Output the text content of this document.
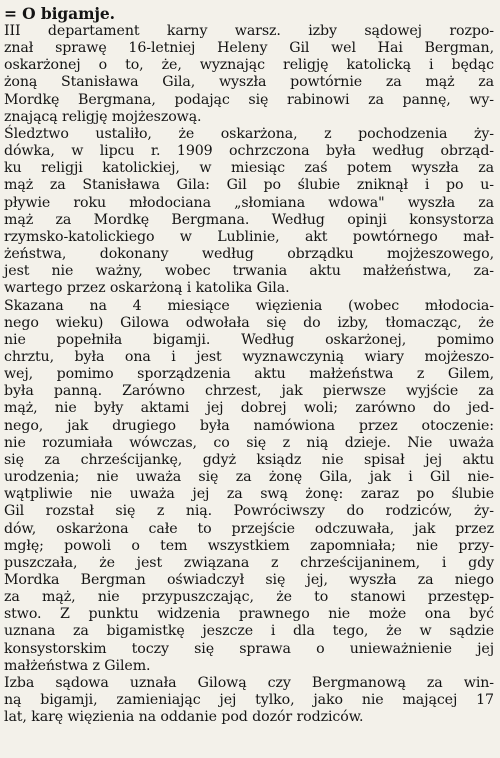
= O bigamje.
III departament karny warsz. izby sądowej rozpo-
znał sprawę 16-letniej Heleny Gil wel Hai Bergman,
oskarżonej o to, że, wyznając religję katolicką i będąc
żoną Stanisława Gila, wyszła powtórnie za mąż za
Mordkę Bergmana, podając się rabinowi za pannę, wy-
znającą religję mojżeszową.
Śledztwo ustaliło, że oskarżona, z pochodzenia ży-
dówka, w lipcu r. 1909 ochrzczona była według obrząd-
ku religji katolickiej, w miesiąc zaś potem wyszła za
mąż za Stanisława Gila: Gil po ślubie zniknął i po u-
pływie roku młodociana „słomiana wdowa" wyszła za
mąż za Mordkę Bergmana. Według opinji konsystorza
rzymsko-katolickiego w Lublinie, akt powtórnego mał-
żeństwa, dokonany według obrządku mojżeszowego,
jest nie ważny, wobec trwania aktu małżeństwa, za-
wartego przez oskarżoną i katolika Gila.
Skazana na 4 miesiące więzienia (wobec młodocia-
nego wieku) Gilowa odwołała się do izby, tłomacząc, że
nie popełniła bigamji. Według oskarżonej, pomimo
chrztu, była ona i jest wyznawczynią wiary mojżeszo-
wej, pomimo sporządzenia aktu małżeństwa z Gilem,
była panną. Zarówno chrzest, jak pierwsze wyjście za
mąż, nie były aktami jej dobrej woli; zarówno do jed-
nego, jak drugiego była namówiona przez otoczenie:
nie rozumiała wówczas, co się z nią dzieje. Nie uważa
się za chrześcijankę, gdyż ksiądz nie spisał jej aktu
urodzenia; nie uważa się za żonę Gila, jak i Gil nie-
wątpliwie nie uważa jej za swą żonę: zaraz po ślubie
Gil rozstał się z nią. Powróciwszy do rodziców, ży-
dów, oskarżona całe to przejście odczuwała, jak przez
mgłę; powoli o tem wszystkiem zapomniała; nie przy-
puszczała, że jest związana z chrześcijaninem, i gdy
Mordka Bergman oświadczył się jej, wyszła za niego
za mąż, nie przypuszczając, że to stanowi przestęp-
stwo. Z punktu widzenia prawnego nie może ona być
uznana za bigamistkę jeszcze i dla tego, że w sądzie
konsystorskim toczy się sprawa o unieważnienie jej
małżeństwa z Gilem.
Izba sądowa uznała Gilową czy Bergmanową za win-
ną bigamji, zamieniając jej tylko, jako nie mającej 17
lat, karę więzienia na oddanie pod dozór rodziców.
